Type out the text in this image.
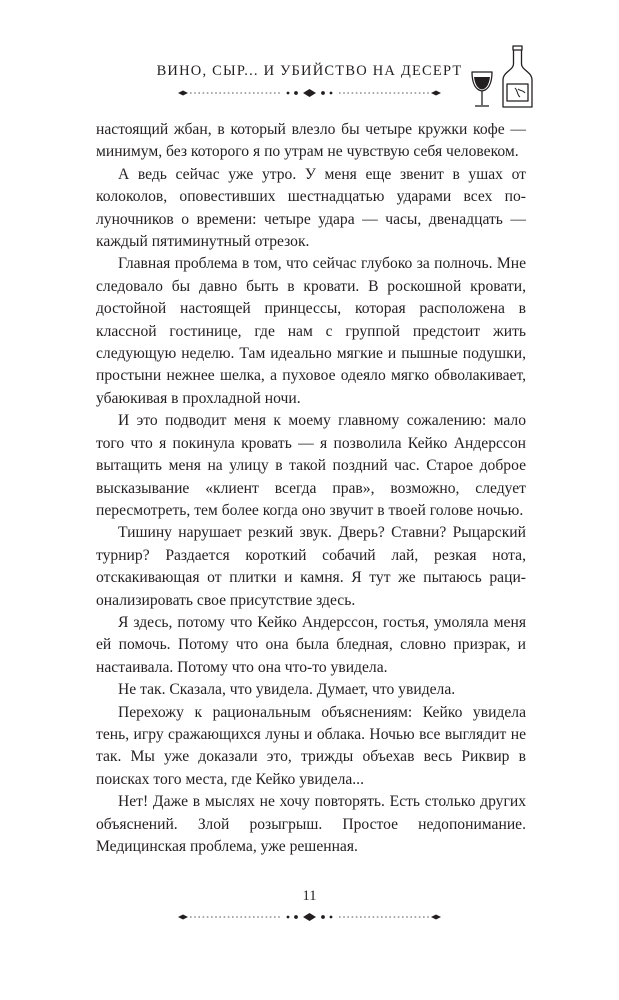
ВИНО, СЫР... И УБИЙСТВО НА ДЕСЕРТ

настоящий жбан, в который влезло бы четыре кружки кофе — минимум, без которого я по утрам не чувствую себя человеком.

А ведь сейчас уже утро. У меня еще звенит в ушах от колоколов, оповестивших шестнадцатью ударами всех полуночников о времени: четыре удара — часы, двенадцать — каждый пятиминутный отрезок.

Главная проблема в том, что сейчас глубоко за полночь. Мне следовало бы давно быть в кровати. В роскошной кровати, достойной настоящей принцессы, которая расположена в классной гостинице, где нам с группой предстоит жить следующую неделю. Там идеально мягкие и пышные подушки, простыни нежнее шелка, а пуховое одеяло мягко обволакивает, убаюкивая в прохладной ночи.

И это подводит меня к моему главному сожалению: мало того что я покинула кровать — я позволила Кейко Андерссон вытащить меня на улицу в такой поздний час. Старое доброе высказывание «клиент всегда прав», возможно, следует пересмотреть, тем более когда оно звучит в твоей голове ночью.

Тишину нарушает резкий звук. Дверь? Ставни? Рыцарский турнир? Раздается короткий собачий лай, резкая нота, отскакивающая от плитки и камня. Я тут же пытаюсь рационализировать свое присутствие здесь.

Я здесь, потому что Кейко Андерссон, гостья, умоляла меня ей помочь. Потому что она была бледная, словно призрак, и настаивала. Потому что она что-то увидела.

Не так. Сказала, что увидела. Думает, что увидела.

Перехожу к рациональным объяснениям: Кейко увидела тень, игру сражающихся луны и облака. Ночью все выглядит не так. Мы уже доказали это, трижды объехав весь Риквир в поисках того места, где Кейко увидела...

Нет! Даже в мыслях не хочу повторять. Есть столько других объяснений. Злой розыгрыш. Простое недопонимание. Медицинская проблема, уже решенная.

11
